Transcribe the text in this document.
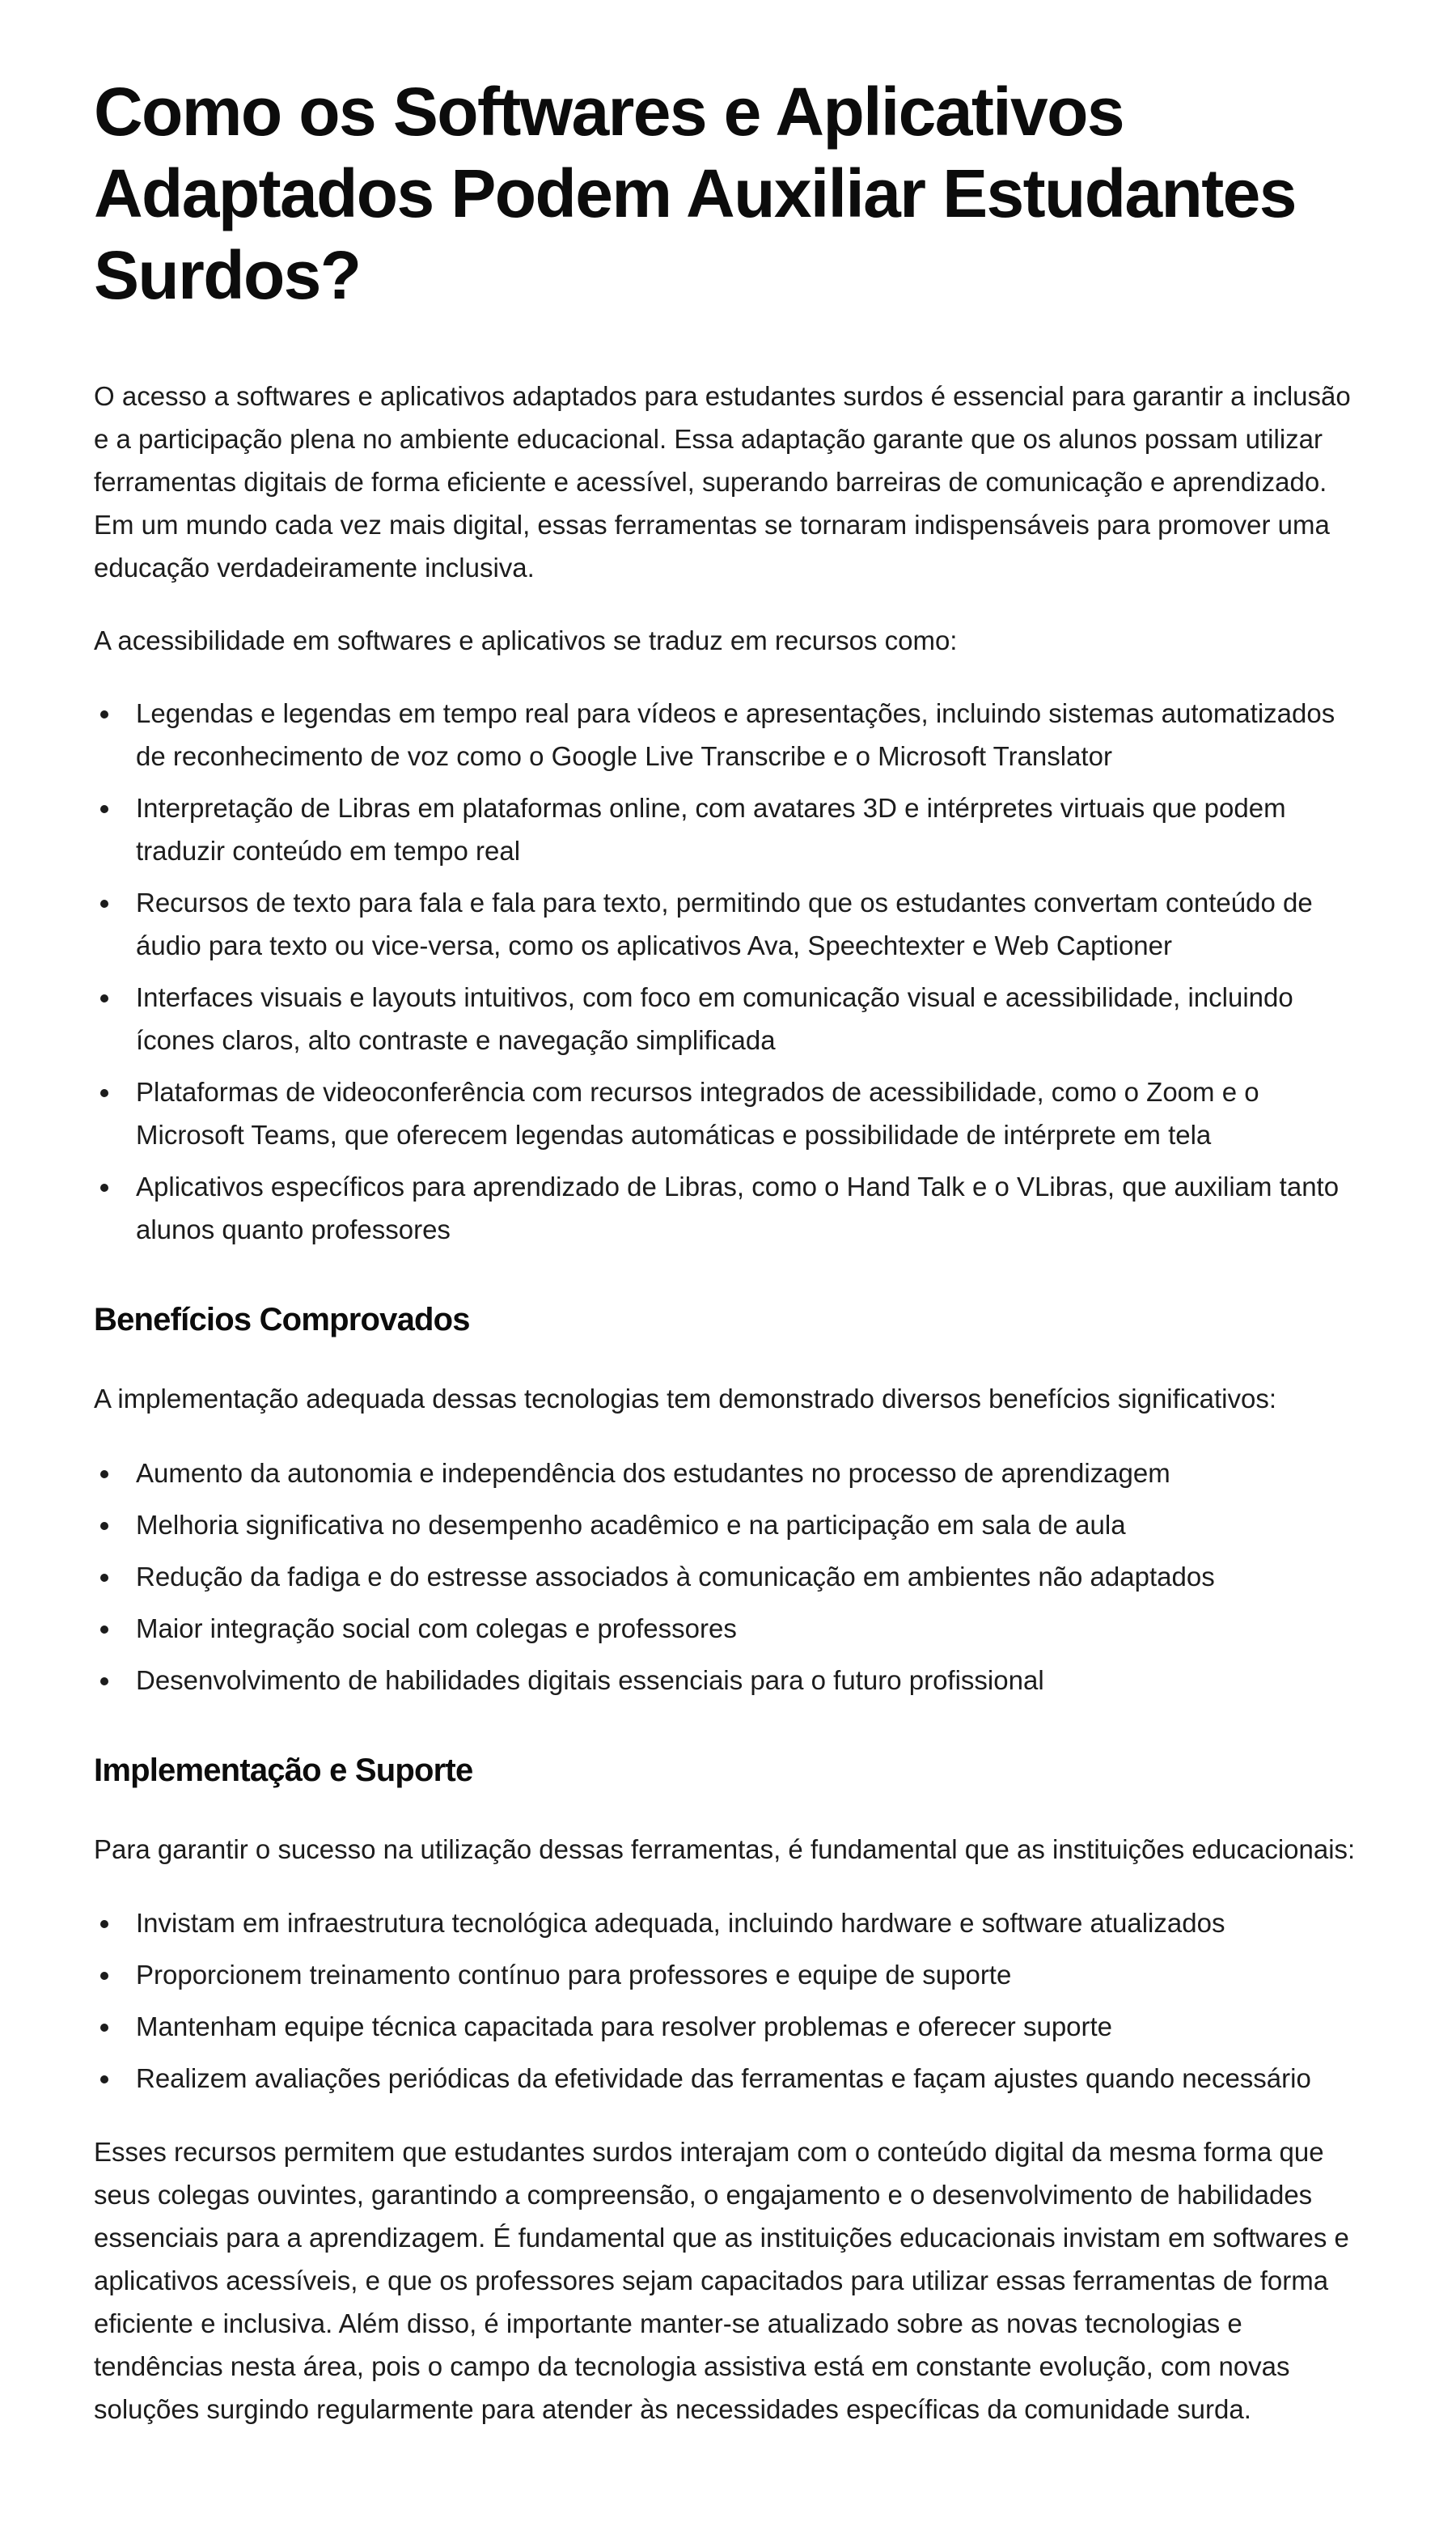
Como os Softwares e Aplicativos Adaptados Podem Auxiliar Estudantes Surdos?

O acesso a softwares e aplicativos adaptados para estudantes surdos é essencial para garantir a inclusão e a participação plena no ambiente educacional. Essa adaptação garante que os alunos possam utilizar ferramentas digitais de forma eficiente e acessível, superando barreiras de comunicação e aprendizado. Em um mundo cada vez mais digital, essas ferramentas se tornaram indispensáveis para promover uma educação verdadeiramente inclusiva.

A acessibilidade em softwares e aplicativos se traduz em recursos como:

Legendas e legendas em tempo real para vídeos e apresentações, incluindo sistemas automatizados de reconhecimento de voz como o Google Live Transcribe e o Microsoft Translator
Interpretação de Libras em plataformas online, com avatares 3D e intérpretes virtuais que podem traduzir conteúdo em tempo real
Recursos de texto para fala e fala para texto, permitindo que os estudantes convertam conteúdo de áudio para texto ou vice-versa, como os aplicativos Ava, Speechtexter e Web Captioner
Interfaces visuais e layouts intuitivos, com foco em comunicação visual e acessibilidade, incluindo ícones claros, alto contraste e navegação simplificada
Plataformas de videoconferência com recursos integrados de acessibilidade, como o Zoom e o Microsoft Teams, que oferecem legendas automáticas e possibilidade de intérprete em tela
Aplicativos específicos para aprendizado de Libras, como o Hand Talk e o VLibras, que auxiliam tanto alunos quanto professores
Benefícios Comprovados

A implementação adequada dessas tecnologias tem demonstrado diversos benefícios significativos:

Aumento da autonomia e independência dos estudantes no processo de aprendizagem
Melhoria significativa no desempenho acadêmico e na participação em sala de aula
Redução da fadiga e do estresse associados à comunicação em ambientes não adaptados
Maior integração social com colegas e professores
Desenvolvimento de habilidades digitais essenciais para o futuro profissional
Implementação e Suporte

Para garantir o sucesso na utilização dessas ferramentas, é fundamental que as instituições educacionais:

Invistam em infraestrutura tecnológica adequada, incluindo hardware e software atualizados
Proporcionem treinamento contínuo para professores e equipe de suporte
Mantenham equipe técnica capacitada para resolver problemas e oferecer suporte
Realizem avaliações periódicas da efetividade das ferramentas e façam ajustes quando necessário

Esses recursos permitem que estudantes surdos interajam com o conteúdo digital da mesma forma que seus colegas ouvintes, garantindo a compreensão, o engajamento e o desenvolvimento de habilidades essenciais para a aprendizagem. É fundamental que as instituições educacionais invistam em softwares e aplicativos acessíveis, e que os professores sejam capacitados para utilizar essas ferramentas de forma eficiente e inclusiva. Além disso, é importante manter-se atualizado sobre as novas tecnologias e tendências nesta área, pois o campo da tecnologia assistiva está em constante evolução, com novas soluções surgindo regularmente para atender às necessidades específicas da comunidade surda.
